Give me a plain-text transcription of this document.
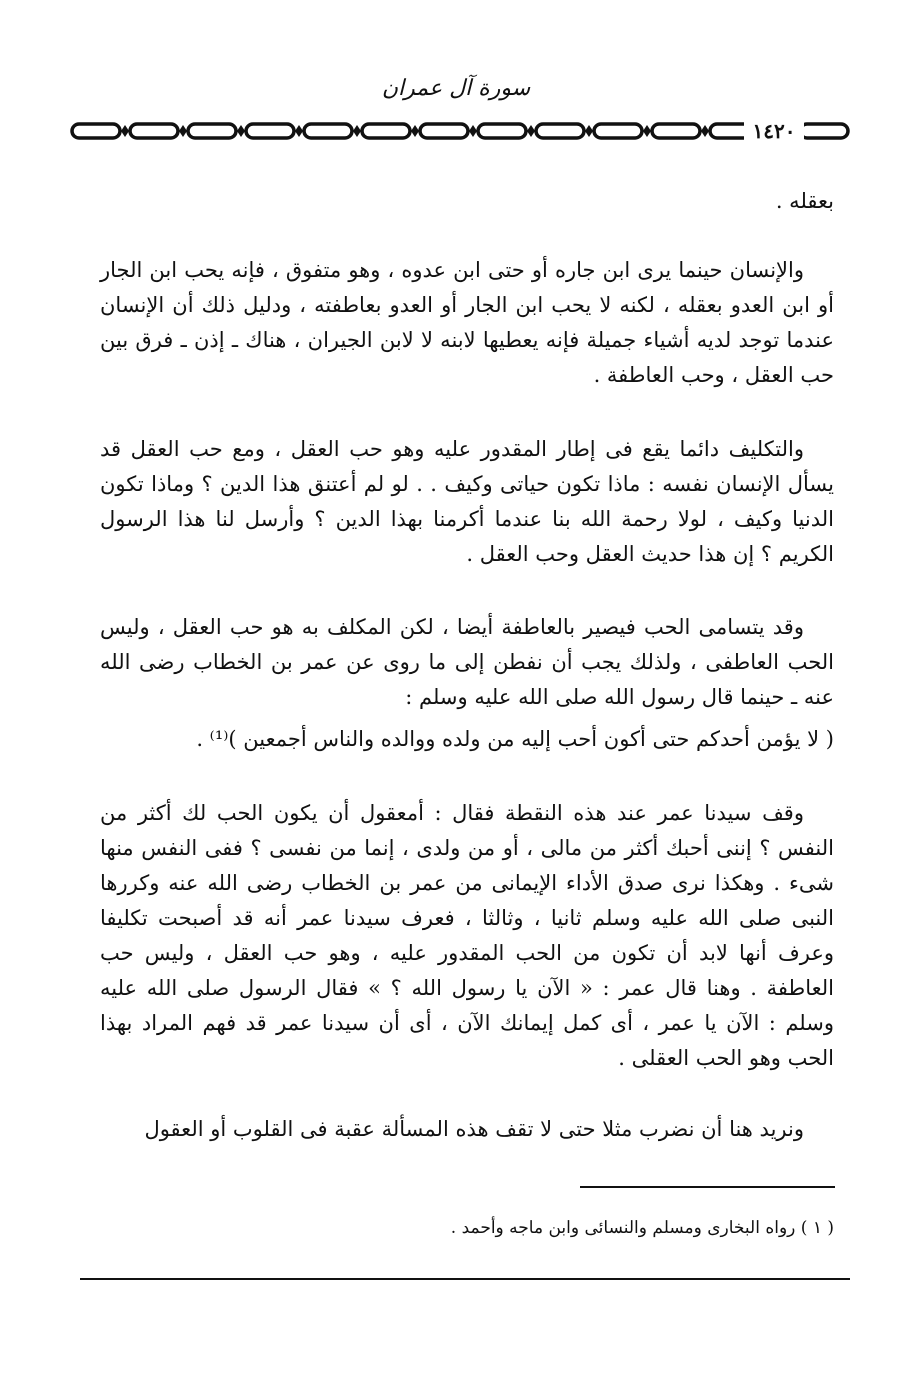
سورة آل عمران
١٤٢٠
بعقله .
والإنسان حينما يرى ابن جاره أو حتى ابن عدوه ، وهو متفوق ، فإنه يحب ابن الجار أو ابن العدو بعقله ، لكنه لا يحب ابن الجار أو العدو بعاطفته ، ودليل ذلك أن الإنسان عندما توجد لديه أشياء جميلة فإنه يعطيها لابنه لا لابن الجيران ، هناك ـ إذن ـ فرق بين حب العقل ، وحب العاطفة .
والتكليف دائما يقع فى إطار المقدور عليه وهو حب العقل ، ومع حب العقل قد يسأل الإنسان نفسه : ماذا تكون حياتى وكيف . . لو لم أعتنق هذا الدين ؟ وماذا تكون الدنيا وكيف ، لولا رحمة الله بنا عندما أكرمنا بهذا الدين ؟ وأرسل لنا هذا الرسول الكريم ؟ إن هذا حديث العقل وحب العقل .
وقد يتسامى الحب فيصير بالعاطفة أيضا ، لكن المكلف به هو حب العقل ، وليس الحب العاطفى ، ولذلك يجب أن نفطن إلى ما روى عن عمر بن الخطاب رضى الله عنه ـ حينما قال رسول الله صلى الله عليه وسلم :
( لا يؤمن أحدكم حتى أكون أحب إليه من ولده ووالده والناس أجمعين )⁽¹⁾ .
وقف سيدنا عمر عند هذه النقطة فقال : أمعقول أن يكون الحب لك أكثر من النفس ؟ إننى أحبك أكثر من مالى ، أو من ولدى ، إنما من نفسى ؟ ففى النفس منها شىء . وهكذا نرى صدق الأداء الإيمانى من عمر بن الخطاب رضى الله عنه وكررها النبى صلى الله عليه وسلم ثانيا ، وثالثا ، فعرف سيدنا عمر أنه قد أصبحت تكليفا وعرف أنها لابد أن تكون من الحب المقدور عليه ، وهو حب العقل ، وليس حب العاطفة . وهنا قال عمر : « الآن يا رسول الله ؟ » فقال الرسول صلى الله عليه وسلم : الآن يا عمر ، أى كمل إيمانك الآن ، أى أن سيدنا عمر قد فهم المراد بهذا الحب وهو الحب العقلى .
ونريد هنا أن نضرب مثلا حتى لا تقف هذه المسألة عقبة فى القلوب أو العقول
( ١ ) رواه البخارى ومسلم والنسائى وابن ماجه وأحمد .
